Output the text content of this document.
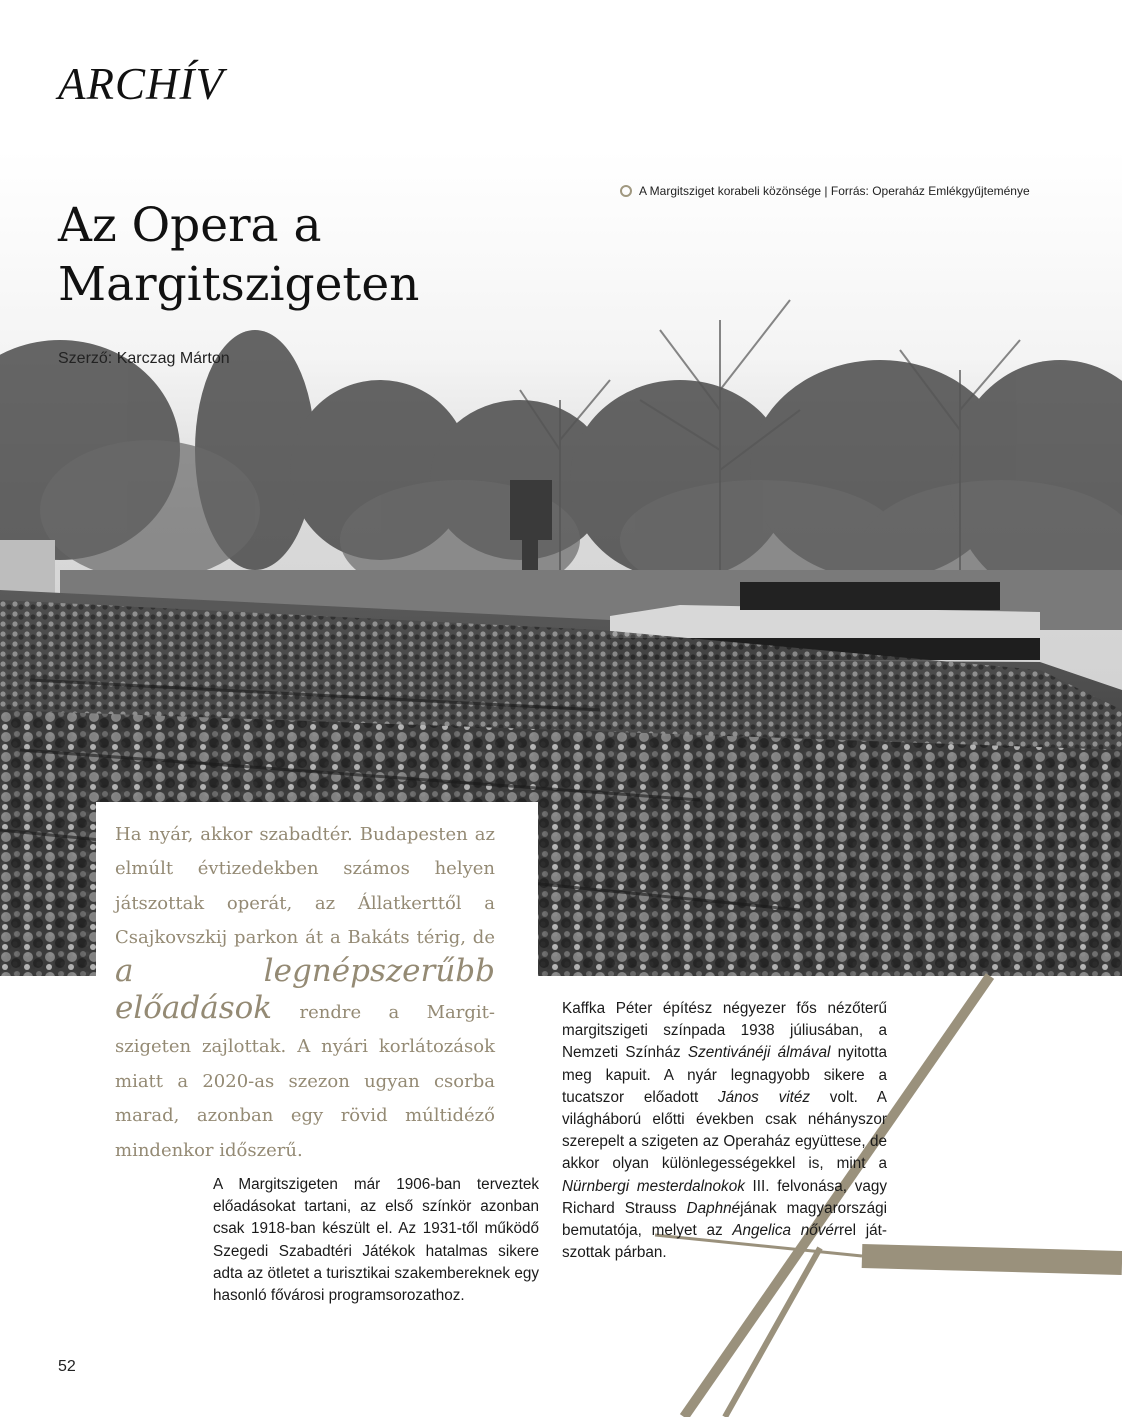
ARCHÍV
Az Opera a
Margitszigeten
Szerző: Karczag Márton
A Margitsziget korabeli közönsége | Forrás: Operaház Emlékgyűjteménye

Ha nyár, akkor szabadtér. Budapesten az elmúlt évtizedekben számos helyen játszottak operát, az Állatkerttől a Csajkovszkij parkon át a Bakáts térig, de a legnépszerűbb előadások rendre a Margitszigeten zajlottak. A nyári korlátozások miatt a 2020-as szezon ugyan csorba marad, azonban egy rövid múltidéző mindenkor időszerű.

A Margitszigeten már 1906-ban terveztek előadásokat tartani, az első színkör azonban csak 1918-ban készült el. Az 1931-től működő Szegedi Szabadtéri Játékok hatalmas sikere adta az ötletet a turisztikai szakembereknek egy hasonló fővárosi programsorozathoz.

Kaffka Péter építész négyezer fős nézőterű margitszigeti színpada 1938 júliusában, a Nemzeti Színház Szentivánéji álmával nyitotta meg kapuit. A nyár legnagyobb sikere a tucatszor előadott János vitéz volt. A világháború előtti években csak néhányszor szerepelt a szigeten az Operaház együttese, de akkor olyan különlegességekkel is, mint a Nürnbergi mesterdalnokok III. felvonása, vagy Richard Strauss Daphnéjának magyarországi bemutatója, melyet az Angelica nővérrel játszottak párban.

52
